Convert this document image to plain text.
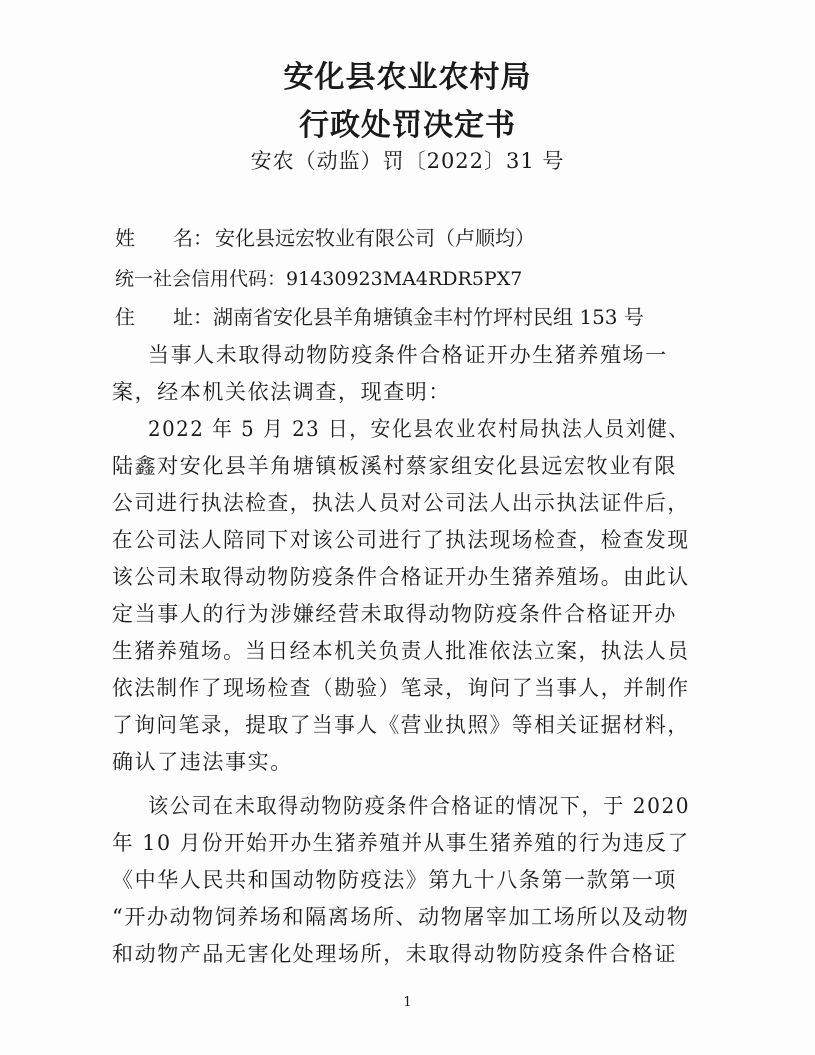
安化县农业农村局
行政处罚决定书
安农（动监）罚〔2022〕31 号
姓 名： 安化县远宏牧业有限公司（卢顺均）
统一社会信用代码：91430923MA4RDR5PX7
住 址：湖南省安化县羊角塘镇金丰村竹坪村民组 153 号
当事人未取得动物防疫条件合格证开办生猪养殖场一
案，经本机关依法调查，现查明：
2022 年 5 月 23 日，安化县农业农村局执法人员刘健、
陆鑫对安化县羊角塘镇板溪村蔡家组安化县远宏牧业有限
公司进行执法检查，执法人员对公司法人出示执法证件后，
在公司法人陪同下对该公司进行了执法现场检查，检查发现
该公司未取得动物防疫条件合格证开办生猪养殖场。由此认
定当事人的行为涉嫌经营未取得动物防疫条件合格证开办
生猪养殖场。当日经本机关负责人批准依法立案，执法人员
依法制作了现场检查（勘验）笔录，询问了当事人，并制作
了询问笔录，提取了当事人《营业执照》等相关证据材料，
确认了违法事实。
该公司在未取得动物防疫条件合格证的情况下，于 2020
年 10 月份开始开办生猪养殖并从事生猪养殖的行为违反了
《中华人民共和国动物防疫法》第九十八条第一款第一项
“开办动物饲养场和隔离场所、动物屠宰加工场所以及动物
和动物产品无害化处理场所，未取得动物防疫条件合格证
1
